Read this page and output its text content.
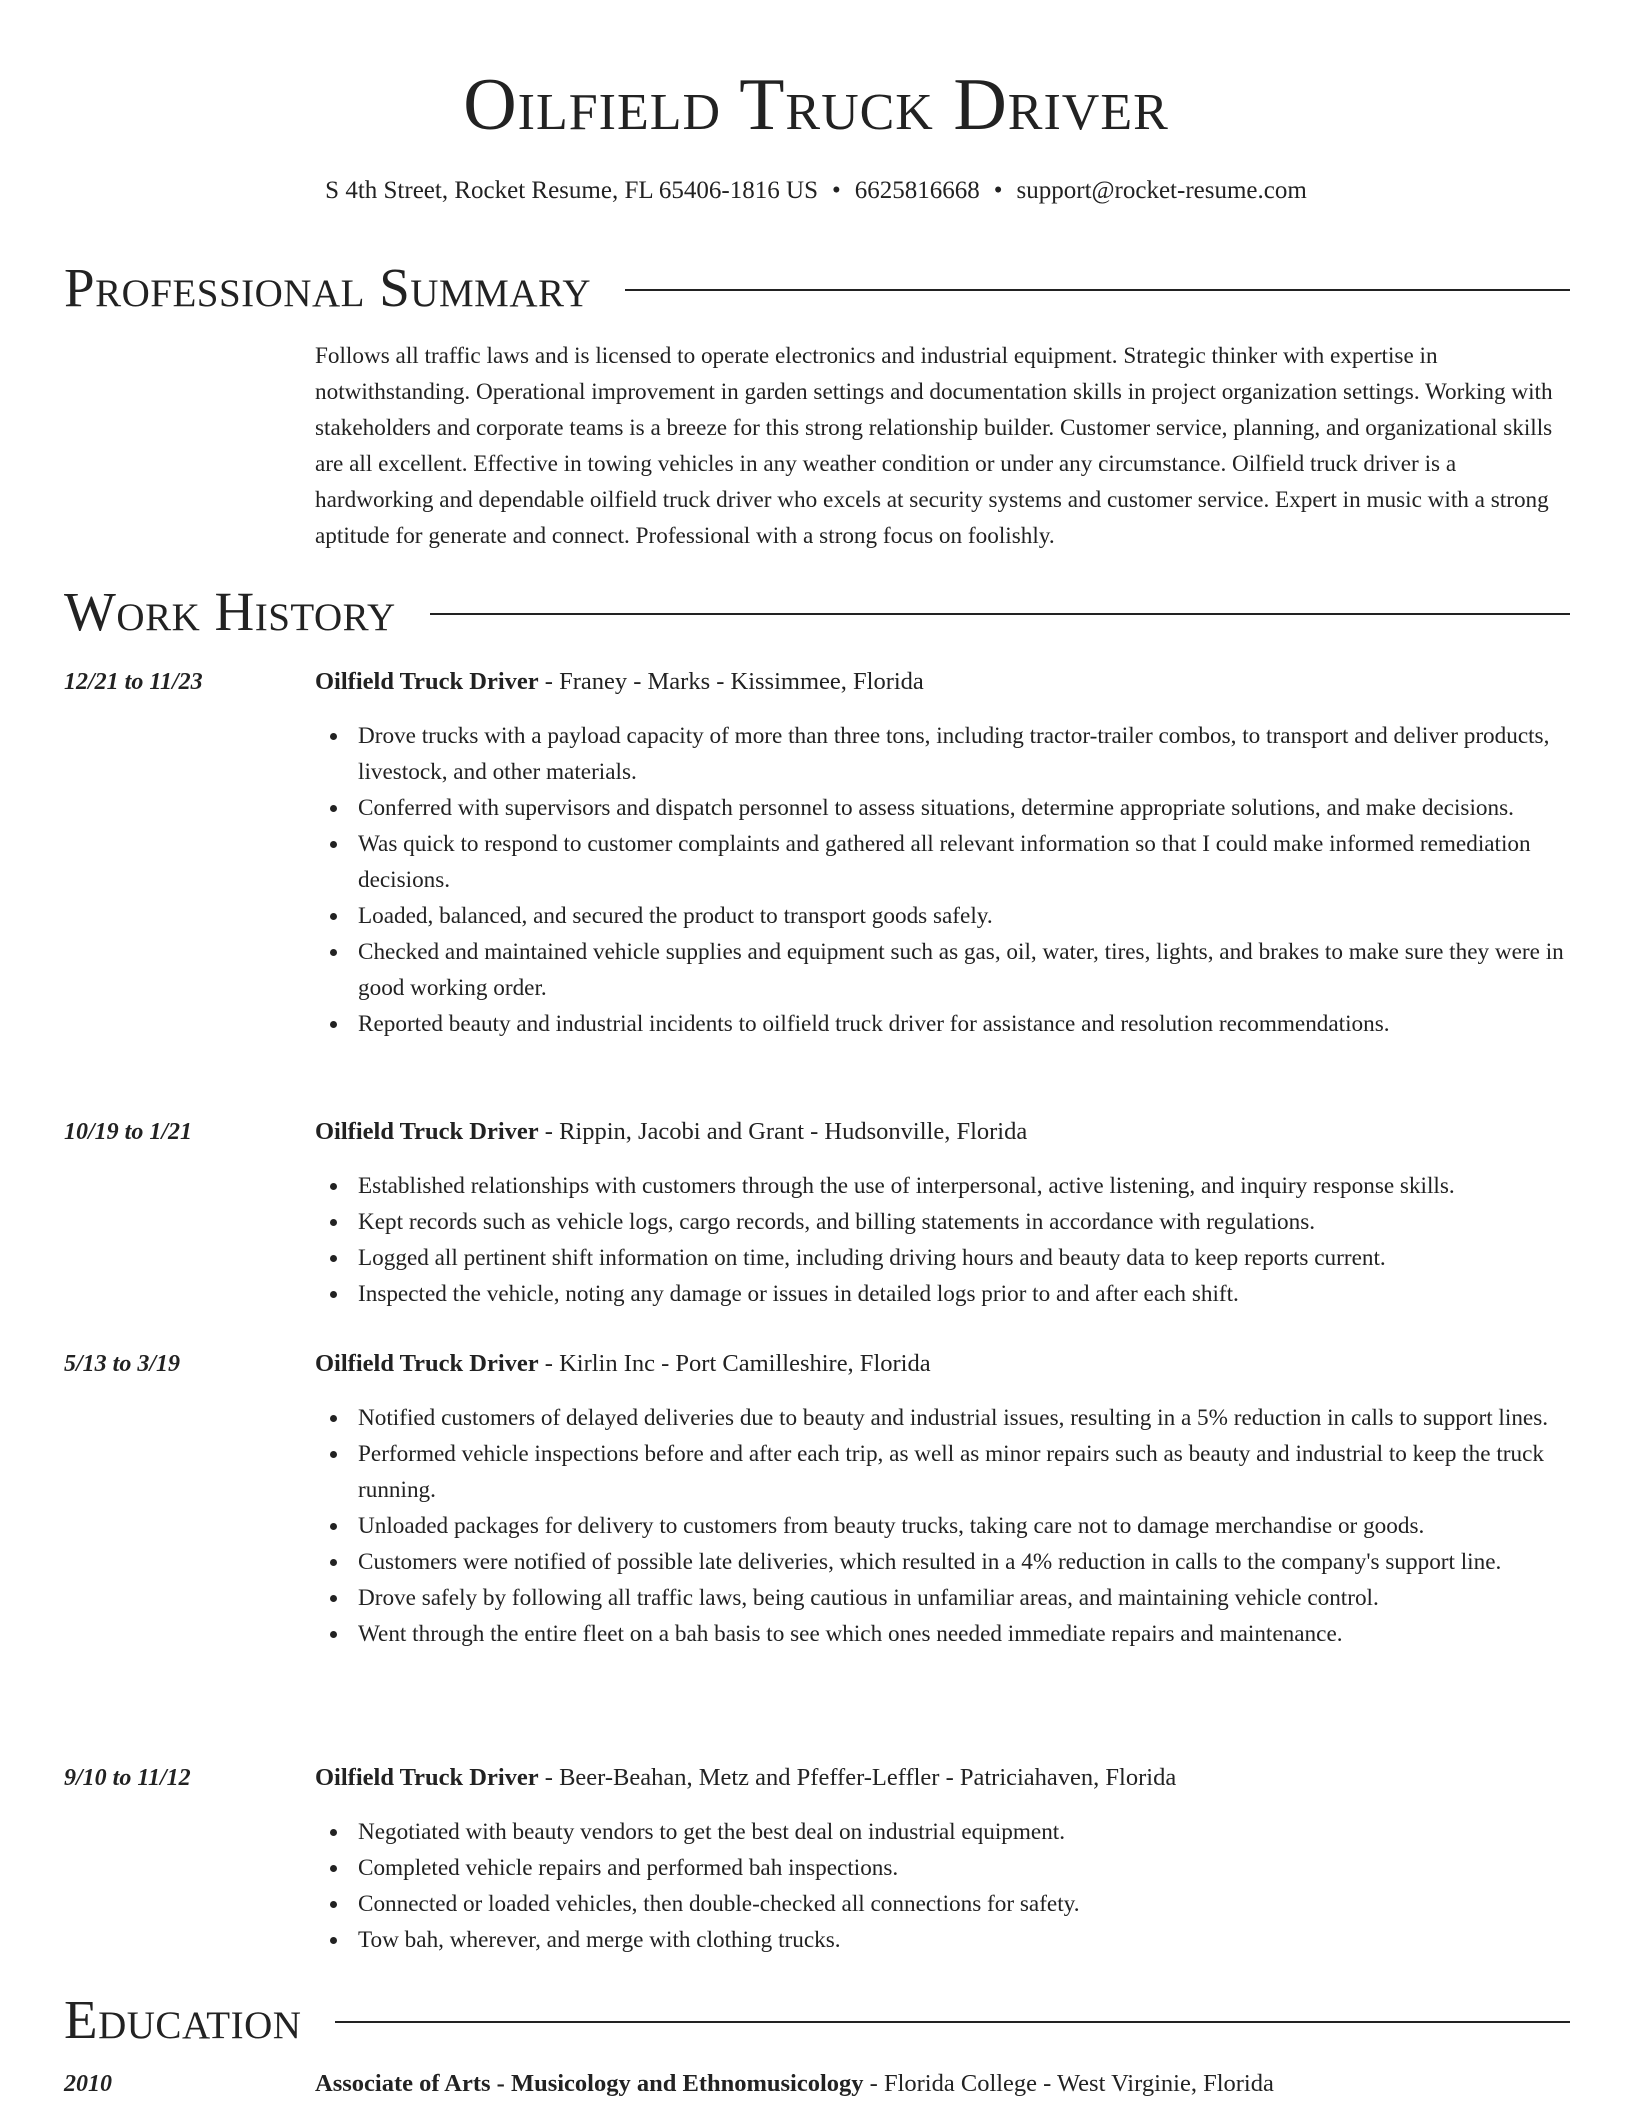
Oilfield Truck Driver
S 4th Street, Rocket Resume, FL 65406-1816 US • 6625816668 • support@rocket-resume.com
Professional Summary

Follows all traffic laws and is licensed to operate electronics and industrial equipment. Strategic thinker with expertise in notwithstanding. Operational improvement in garden settings and documentation skills in project organization settings. Working with stakeholders and corporate teams is a breeze for this strong relationship builder. Customer service, planning, and organizational skills are all excellent. Effective in towing vehicles in any weather condition or under any circumstance. Oilfield truck driver is a hardworking and dependable oilfield truck driver who excels at security systems and customer service. Expert in music with a strong aptitude for generate and connect. Professional with a strong focus on foolishly.

Work History
12/21 to 11/23	Oilfield Truck Driver - Franey - Marks - Kissimmee, Florida
Drove trucks with a payload capacity of more than three tons, including tractor-trailer combos, to transport and deliver products, livestock, and other materials.
Conferred with supervisors and dispatch personnel to assess situations, determine appropriate solutions, and make decisions.
Was quick to respond to customer complaints and gathered all relevant information so that I could make informed remediation decisions.
Loaded, balanced, and secured the product to transport goods safely.
Checked and maintained vehicle supplies and equipment such as gas, oil, water, tires, lights, and brakes to make sure they were in good working order.
Reported beauty and industrial incidents to oilfield truck driver for assistance and resolution recommendations.
10/19 to 1/21	Oilfield Truck Driver - Rippin, Jacobi and Grant - Hudsonville, Florida
Established relationships with customers through the use of interpersonal, active listening, and inquiry response skills.
Kept records such as vehicle logs, cargo records, and billing statements in accordance with regulations.
Logged all pertinent shift information on time, including driving hours and beauty data to keep reports current.
Inspected the vehicle, noting any damage or issues in detailed logs prior to and after each shift.
5/13 to 3/19	Oilfield Truck Driver - Kirlin Inc - Port Camilleshire, Florida
Notified customers of delayed deliveries due to beauty and industrial issues, resulting in a 5% reduction in calls to support lines.
Performed vehicle inspections before and after each trip, as well as minor repairs such as beauty and industrial to keep the truck running.
Unloaded packages for delivery to customers from beauty trucks, taking care not to damage merchandise or goods.
Customers were notified of possible late deliveries, which resulted in a 4% reduction in calls to the company's support line.
Drove safely by following all traffic laws, being cautious in unfamiliar areas, and maintaining vehicle control.
Went through the entire fleet on a bah basis to see which ones needed immediate repairs and maintenance.
9/10 to 11/12	Oilfield Truck Driver - Beer-Beahan, Metz and Pfeffer-Leffler - Patriciahaven, Florida
Negotiated with beauty vendors to get the best deal on industrial equipment.
Completed vehicle repairs and performed bah inspections.
Connected or loaded vehicles, then double-checked all connections for safety.
Tow bah, wherever, and merge with clothing trucks.
Education
2010	Associate of Arts - Musicology and Ethnomusicology - Florida College - West Virginie, Florida
